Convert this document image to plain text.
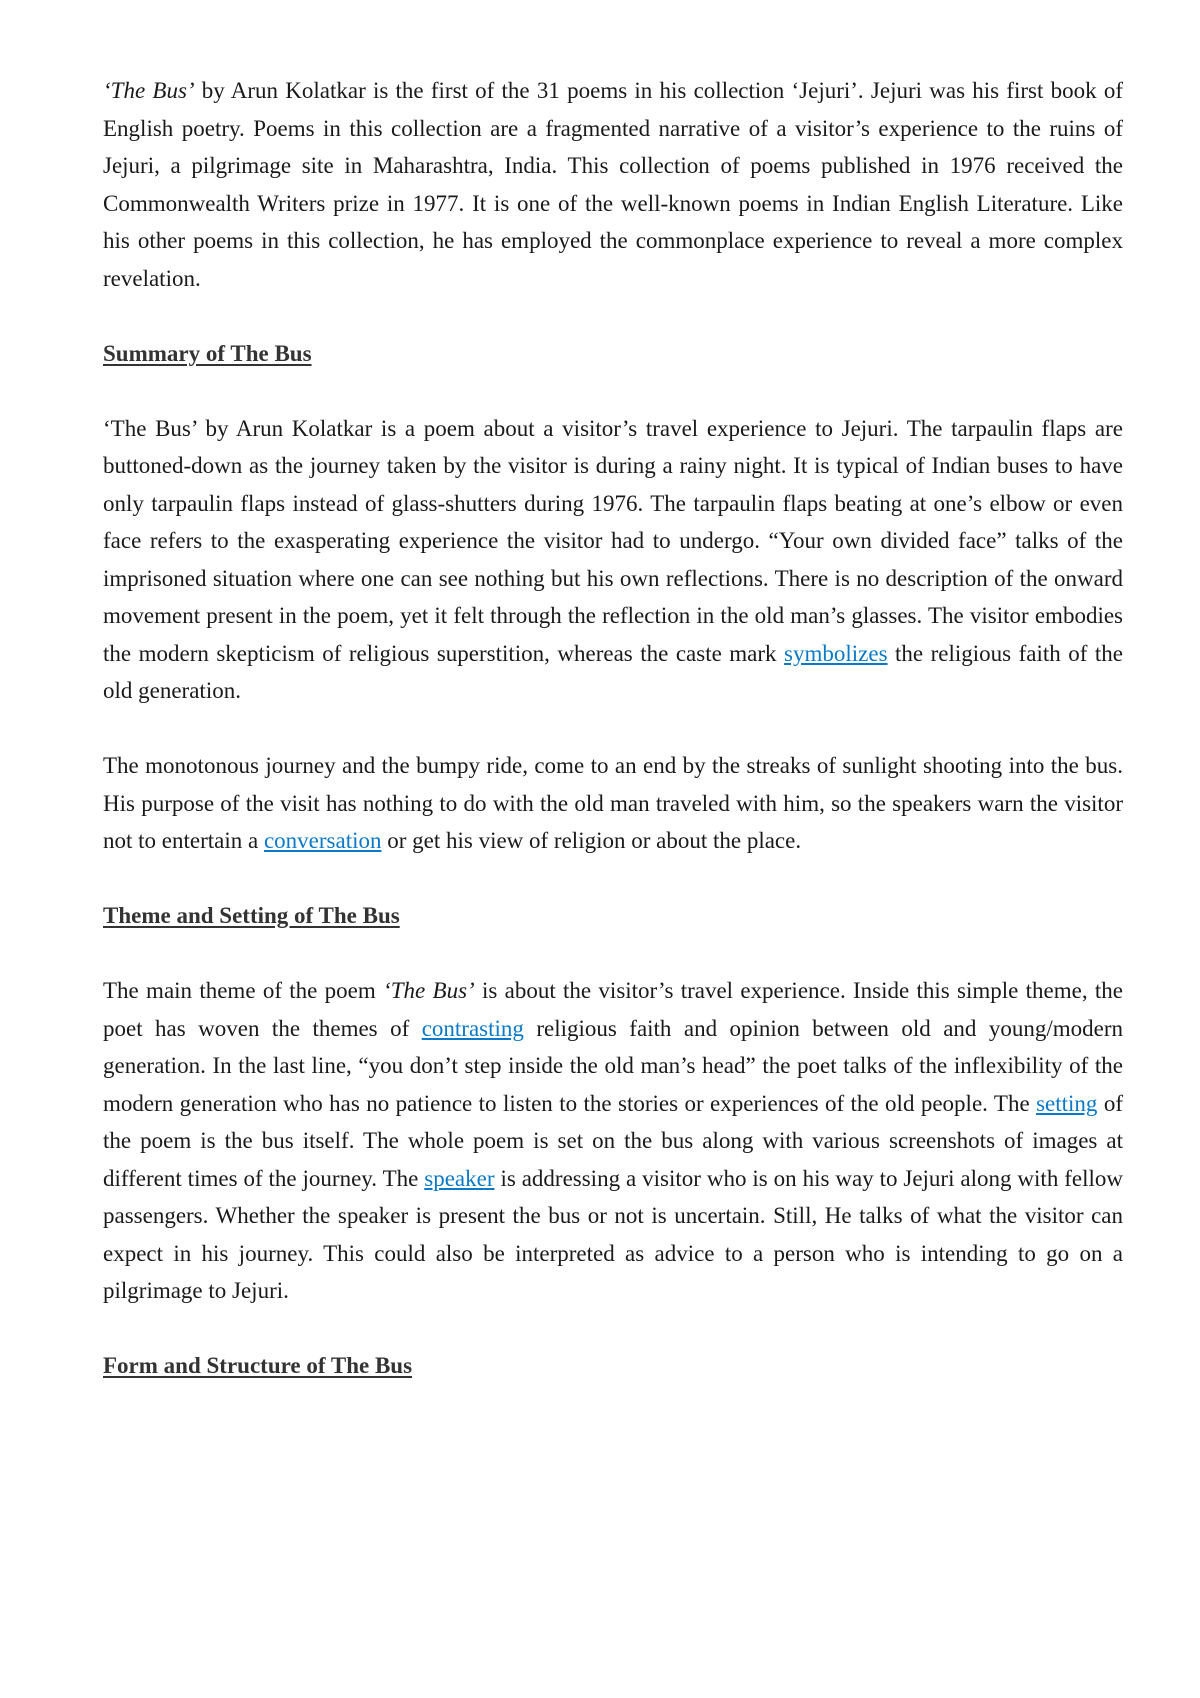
‘The Bus’ by Arun Kolatkar is the first of the 31 poems in his collection ‘Jejuri’. Jejuri was his first book of English poetry. Poems in this collection are a fragmented narrative of a visitor’s experience to the ruins of Jejuri, a pilgrimage site in Maharashtra, India. This collection of poems published in 1976 received the Commonwealth Writers prize in 1977. It is one of the well-known poems in Indian English Literature. Like his other poems in this collection, he has employed the commonplace experience to reveal a more complex revelation.

Summary of The Bus

‘The Bus’ by Arun Kolatkar is a poem about a visitor’s travel experience to Jejuri. The tarpaulin flaps are buttoned-down as the journey taken by the visitor is during a rainy night. It is typical of Indian buses to have only tarpaulin flaps instead of glass-shutters during 1976. The tarpaulin flaps beating at one’s elbow or even face refers to the exasperating experience the visitor had to undergo. “Your own divided face” talks of the imprisoned situation where one can see nothing but his own reflections. There is no description of the onward movement present in the poem, yet it felt through the reflection in the old man’s glasses. The visitor embodies the modern skepticism of religious superstition, whereas the caste mark symbolizes the religious faith of the old generation.

The monotonous journey and the bumpy ride, come to an end by the streaks of sunlight shooting into the bus. His purpose of the visit has nothing to do with the old man traveled with him, so the speakers warn the visitor not to entertain a conversation or get his view of religion or about the place.

Theme and Setting of The Bus

The main theme of the poem ‘The Bus’ is about the visitor’s travel experience. Inside this simple theme, the poet has woven the themes of contrasting religious faith and opinion between old and young/modern generation. In the last line, “you don’t step inside the old man’s head” the poet talks of the inflexibility of the modern generation who has no patience to listen to the stories or experiences of the old people. The setting of the poem is the bus itself. The whole poem is set on the bus along with various screenshots of images at different times of the journey. The speaker is addressing a visitor who is on his way to Jejuri along with fellow passengers. Whether the speaker is present the bus or not is uncertain. Still, He talks of what the visitor can expect in his journey. This could also be interpreted as advice to a person who is intending to go on a pilgrimage to Jejuri.

Form and Structure of The Bus
